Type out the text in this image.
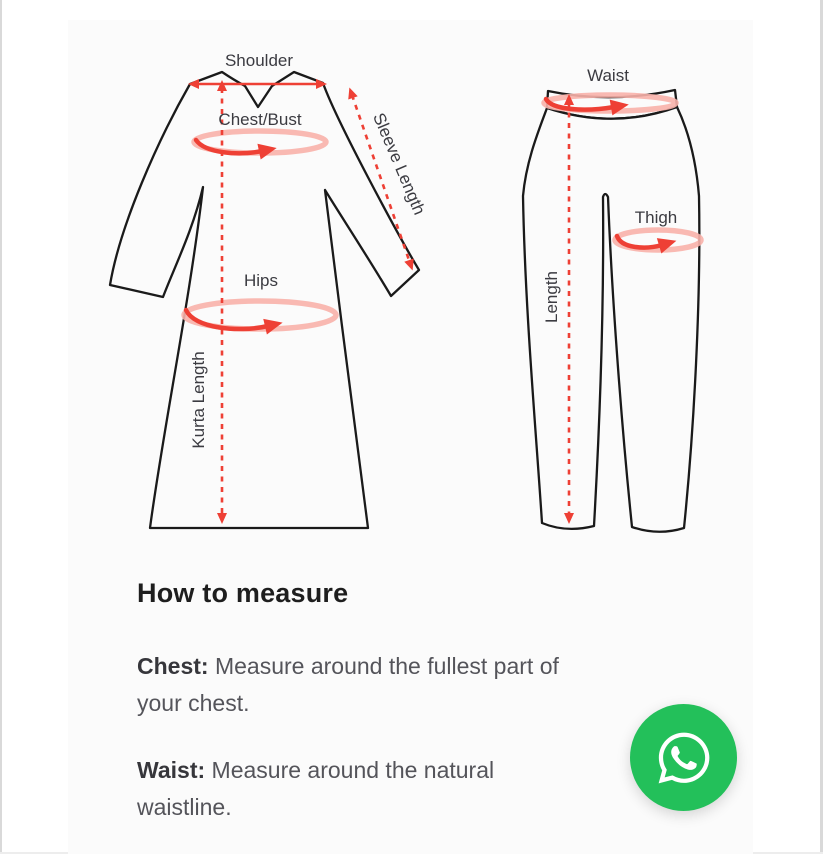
Shoulder
Chest/Bust
Hips
Kurta Length
Sleeve Length
Waist
Thigh
Length
How to measure

Chest: Measure around the fullest part of
your chest.

Waist: Measure around the natural
waistline.
